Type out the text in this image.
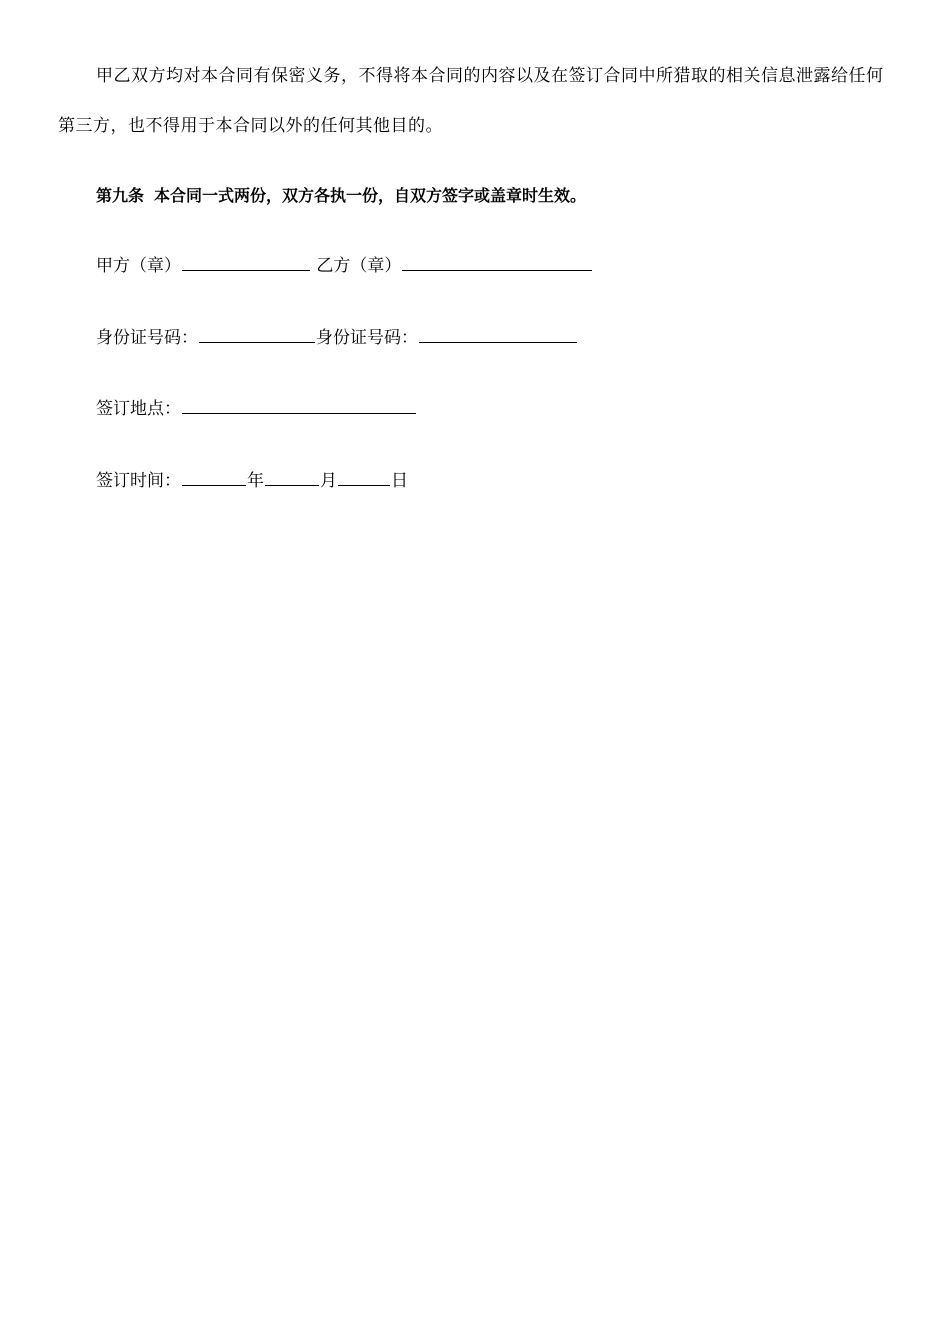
甲乙双方均对本合同有保密义务，不得将本合同的内容以及在签订合同中所猎取的相关信息泄露给任何第三方，也不得用于本合同以外的任何其他目的。
第九条 本合同一式两份，双方各执一份，自双方签字或盖章时生效。
甲方（章）	乙方（章）
身份证号码：	身份证号码：
签订地点：
签订时间：	年	月	日
